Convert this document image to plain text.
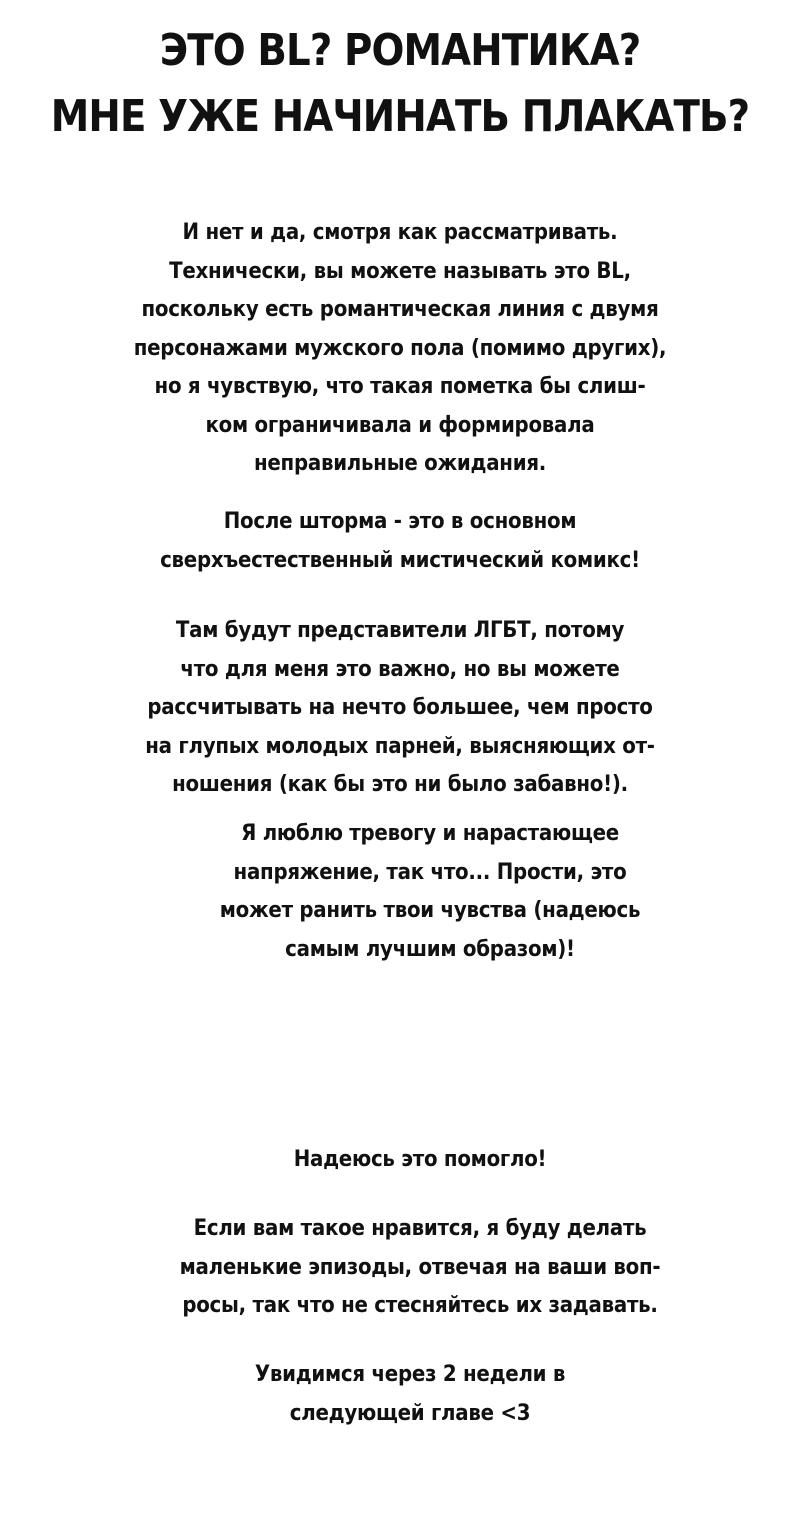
ЭТО BL? РОМАНТИКА?
МНЕ УЖЕ НАЧИНАТЬ ПЛАКАТЬ?
И нет и да, смотря как рассматривать.
Технически, вы можете называть это BL,
поскольку есть романтическая линия с двумя
персонажами мужского пола (помимо других),
но я чувствую, что такая пометка бы слиш-
ком ограничивала и формировала
неправильные ожидания.
После шторма - это в основном
сверхъестественный мистический комикс!
Там будут представители ЛГБТ, потому
что для меня это важно, но вы можете
рассчитывать на нечто большее, чем просто
на глупых молодых парней, выясняющих от-
ношения (как бы это ни было забавно!).
Я люблю тревогу и нарастающее
напряжение, так что... Прости, это
может ранить твои чувства (надеюсь
самым лучшим образом)!
Надеюсь это помогло!
Если вам такое нравится, я буду делать
маленькие эпизоды, отвечая на ваши воп-
росы, так что не стесняйтесь их задавать.
Увидимся через 2 недели в
следующей главе <3
